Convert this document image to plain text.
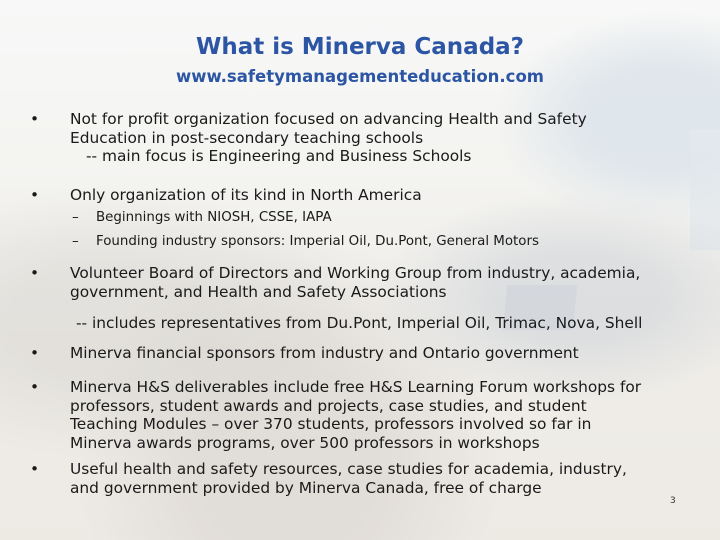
What is Minerva Canada?
www.safetymanagementeducation.com
• Not for profit organization focused on advancing Health and Safety
Education in post-secondary teaching schools
-- main focus is Engineering and Business Schools
• Only organization of its kind in North America
– Beginnings with NIOSH, CSSE, IAPA
– Founding industry sponsors: Imperial Oil, Du.Pont, General Motors
• Volunteer Board of Directors and Working Group from industry, academia,
government, and Health and Safety Associations
-- includes representatives from Du.Pont, Imperial Oil, Trimac, Nova, Shell
• Minerva financial sponsors from industry and Ontario government
• Minerva H&S deliverables include free H&S Learning Forum workshops for
professors, student awards and projects, case studies, and student
Teaching Modules – over 370 students, professors involved so far in
Minerva awards programs, over 500 professors in workshops
• Useful health and safety resources, case studies for academia, industry,
and government provided by Minerva Canada, free of charge
3
